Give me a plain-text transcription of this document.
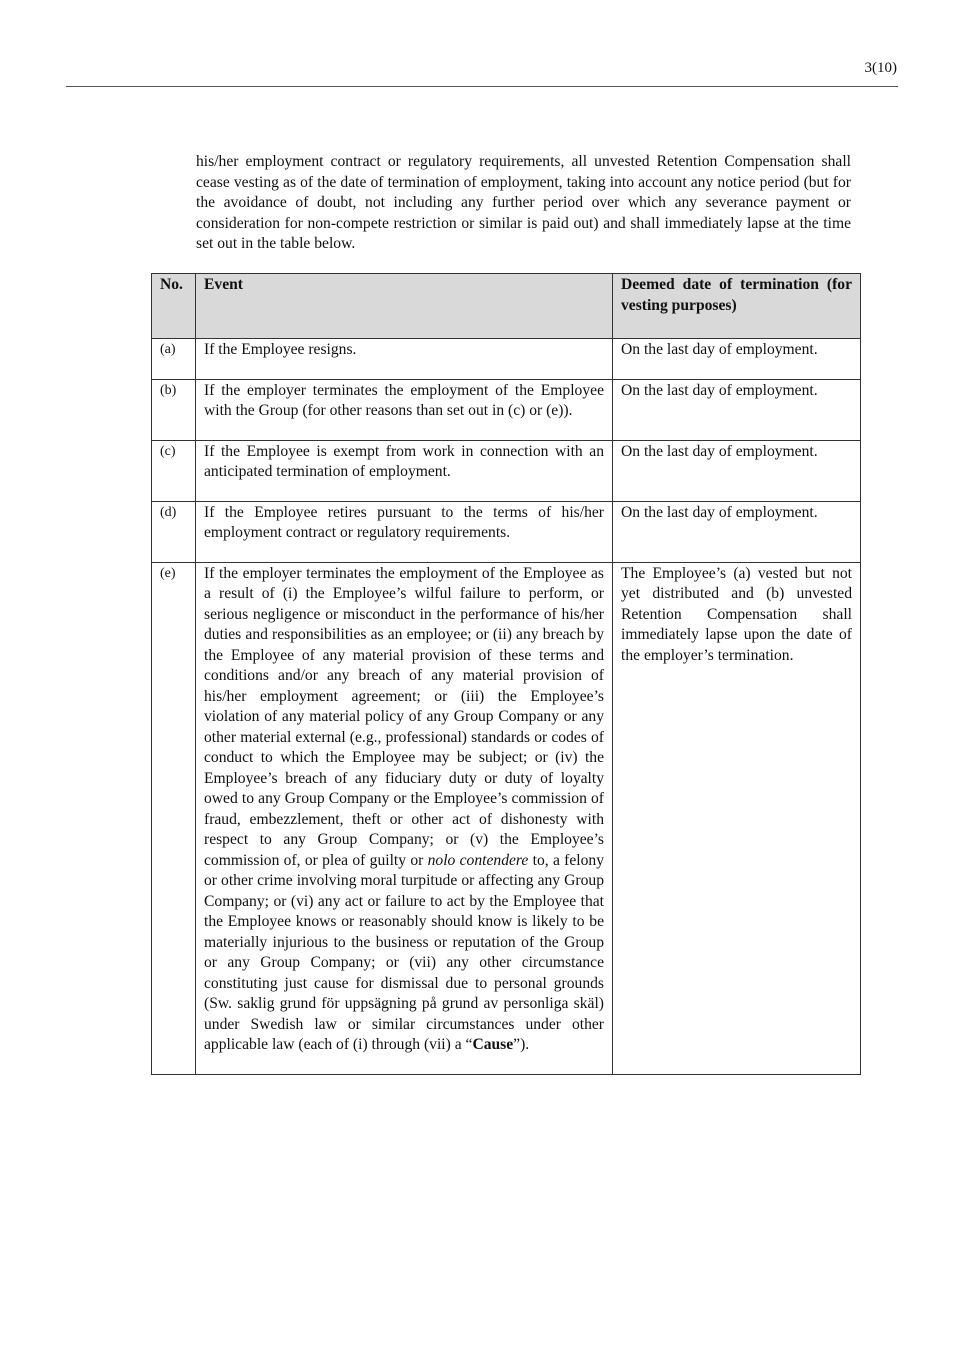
3(10)

his/her employment contract or regulatory requirements, all unvested Retention Compensation shall cease vesting as of the date of termination of employment, taking into account any notice period (but for the avoidance of doubt, not including any further period over which any severance payment or consideration for non-compete restriction or similar is paid out) and shall immediately lapse at the time set out in the table below.

No.	Event	Deemed date of termination (for vesting purposes)
(a)	If the Employee resigns.	On the last day of employment.
(b)	If the employer terminates the employment of the Employee with the Group (for other reasons than set out in (c) or (e)).	On the last day of employment.
(c)	If the Employee is exempt from work in connection with an anticipated termination of employment.	On the last day of employment.
(d)	If the Employee retires pursuant to the terms of his/her employment contract or regulatory requirements.	On the last day of employment.
(e)	If the employer terminates the employment of the Employee as a result of (i) the Employee’s wilful failure to perform, or serious negligence or misconduct in the performance of his/her duties and responsibilities as an employee; or (ii) any breach by the Employee of any material provision of these terms and conditions and/or any breach of any material provision of his/her employment agreement; or (iii) the Employee’s violation of any material policy of any Group Company or any other material external (e.g., professional) standards or codes of conduct to which the Employee may be subject; or (iv) the Employee’s breach of any fiduciary duty or duty of loyalty owed to any Group Company or the Employee’s commission of fraud, embezzlement, theft or other act of dishonesty with respect to any Group Company; or (v) the Employee’s commission of, or plea of guilty or nolo contendere to, a felony or other crime involving moral turpitude or affecting any Group Company; or (vi) any act or failure to act by the Employee that the Employee knows or reasonably should know is likely to be materially injurious to the business or reputation of the Group or any Group Company; or (vii) any other circumstance constituting just cause for dismissal due to personal grounds (Sw. saklig grund för uppsägning på grund av personliga skäl) under Swedish law or similar circumstances under other applicable law (each of (i) through (vii) a “Cause”).	The Employee’s (a) vested but not yet distributed and (b) unvested Retention Compensation shall immediately lapse upon the date of the employer’s termination.
